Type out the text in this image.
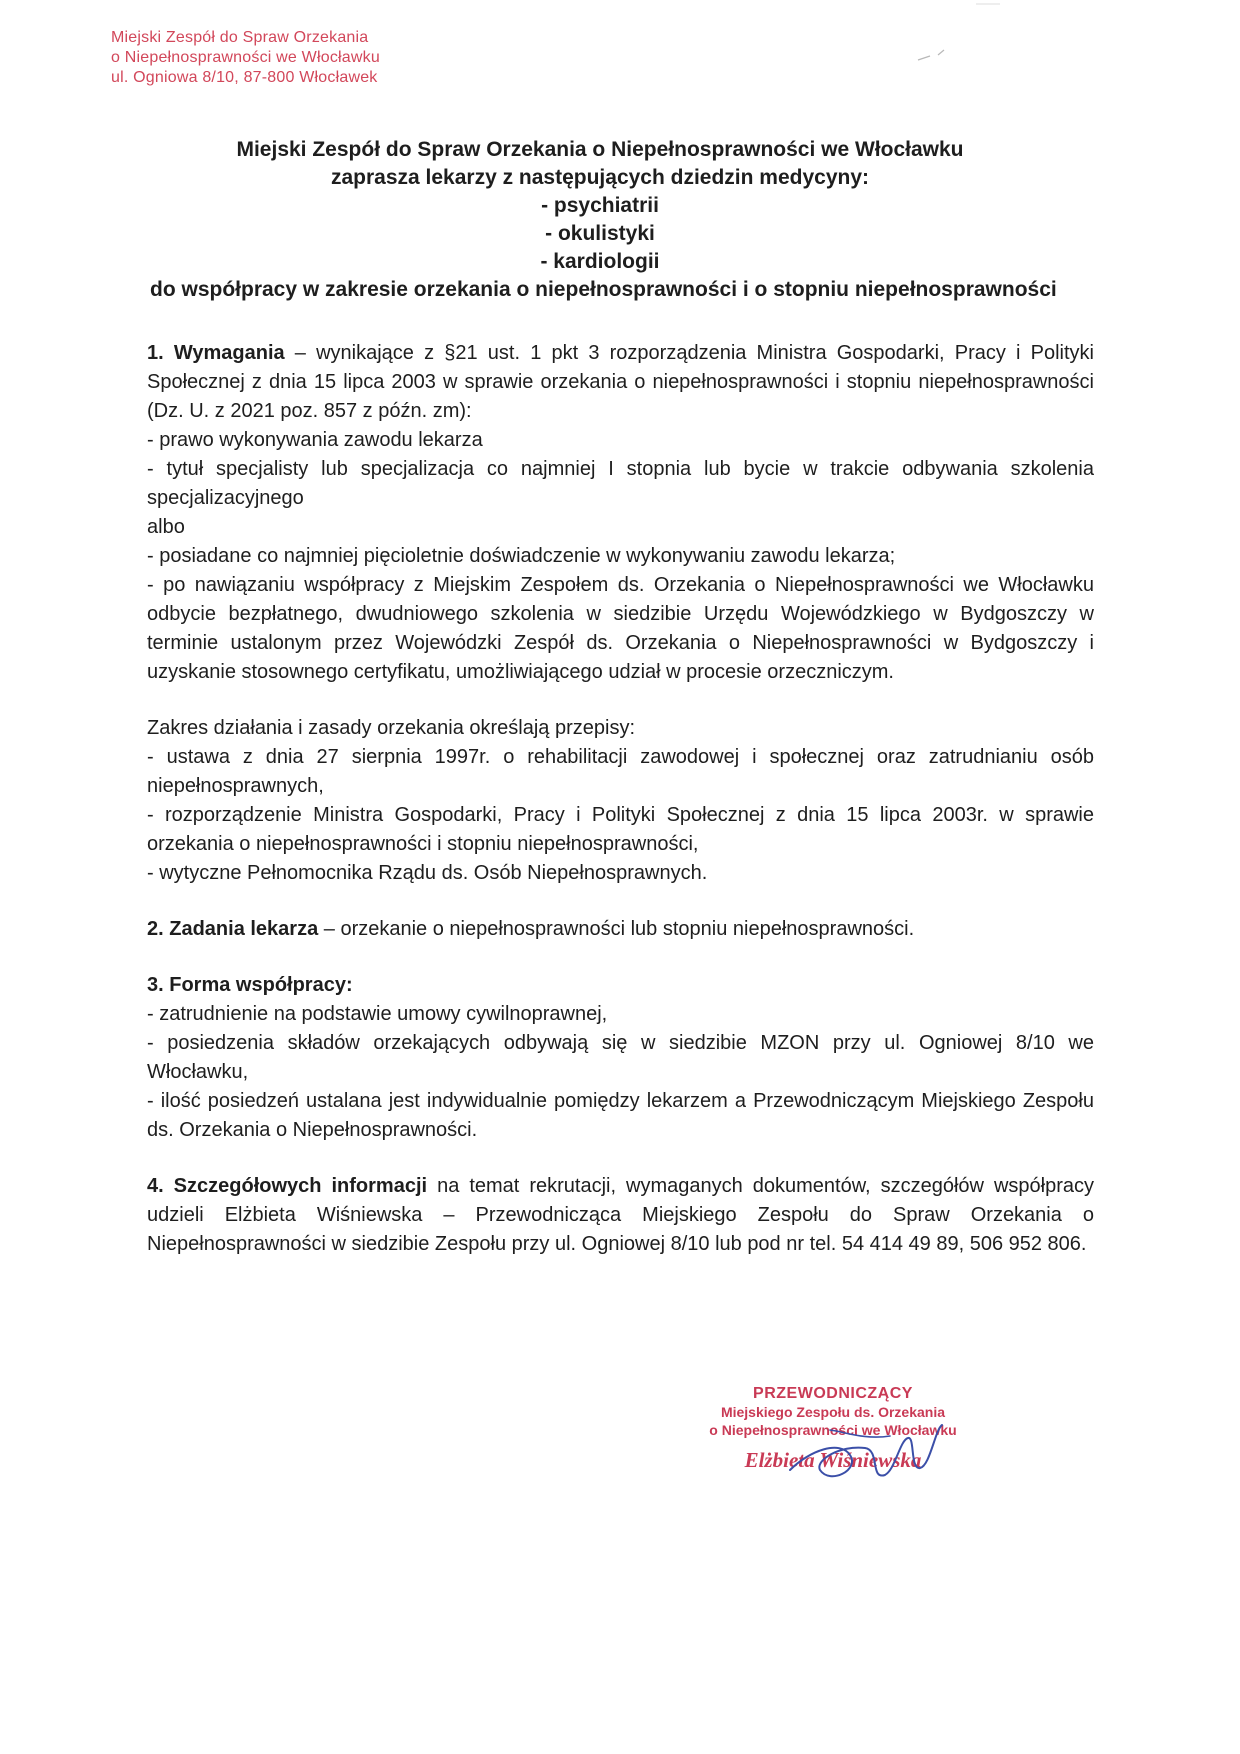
Miejski Zespół do Spraw Orzekania
o Niepełnosprawności we Włocławku
ul. Ogniowa 8/10, 87-800 Włocławek
Miejski Zespół do Spraw Orzekania o Niepełnosprawności we Włocławku
zaprasza lekarzy z następujących dziedzin medycyny:
- psychiatrii
- okulistyki
- kardiologii
do współpracy w zakresie orzekania o niepełnosprawności i o stopniu niepełnosprawności

1. Wymagania – wynikające z §21 ust. 1 pkt 3 rozporządzenia Ministra Gospodarki, Pracy i Polityki Społecznej z dnia 15 lipca 2003 w sprawie orzekania o niepełnosprawności i stopniu niepełnosprawności (Dz. U. z 2021 poz. 857 z późn. zm):

- prawo wykonywania zawodu lekarza

- tytuł specjalisty lub specjalizacja co najmniej I stopnia lub bycie w trakcie odbywania szkolenia specjalizacyjnego

albo

- posiadane co najmniej pięcioletnie doświadczenie w wykonywaniu zawodu lekarza;

- po nawiązaniu współpracy z Miejskim Zespołem ds. Orzekania o Niepełnosprawności we Włocławku odbycie bezpłatnego, dwudniowego szkolenia w siedzibie Urzędu Wojewódzkiego w Bydgoszczy w terminie ustalonym przez Wojewódzki Zespół ds. Orzekania o Niepełnosprawności w Bydgoszczy i uzyskanie stosownego certyfikatu, umożliwiającego udział w procesie orzeczniczym.

Zakres działania i zasady orzekania określają przepisy:

- ustawa z dnia 27 sierpnia 1997r. o rehabilitacji zawodowej i społecznej oraz zatrudnianiu osób niepełnosprawnych,

- rozporządzenie Ministra Gospodarki, Pracy i Polityki Społecznej z dnia 15 lipca 2003r. w sprawie orzekania o niepełnosprawności i stopniu niepełnosprawności,

- wytyczne Pełnomocnika Rządu ds. Osób Niepełnosprawnych.

2. Zadania lekarza – orzekanie o niepełnosprawności lub stopniu niepełnosprawności.

3. Forma współpracy:

- zatrudnienie na podstawie umowy cywilnoprawnej,

- posiedzenia składów orzekających odbywają się w siedzibie MZON przy ul. Ogniowej 8/10 we Włocławku,

- ilość posiedzeń ustalana jest indywidualnie pomiędzy lekarzem a Przewodniczącym Miejskiego Zespołu ds. Orzekania o Niepełnosprawności.

4. Szczegółowych informacji na temat rekrutacji, wymaganych dokumentów, szczegółów współpracy udzieli Elżbieta Wiśniewska – Przewodnicząca Miejskiego Zespołu do Spraw Orzekania o Niepełnosprawności w siedzibie Zespołu przy ul. Ogniowej 8/10 lub pod nr tel. 54 414 49 89, 506 952 806.

PRZEWODNICZĄCY
Miejskiego Zespołu ds. Orzekania
o Niepełnosprawności we Włocławku
Elżbieta Wiśniewska
